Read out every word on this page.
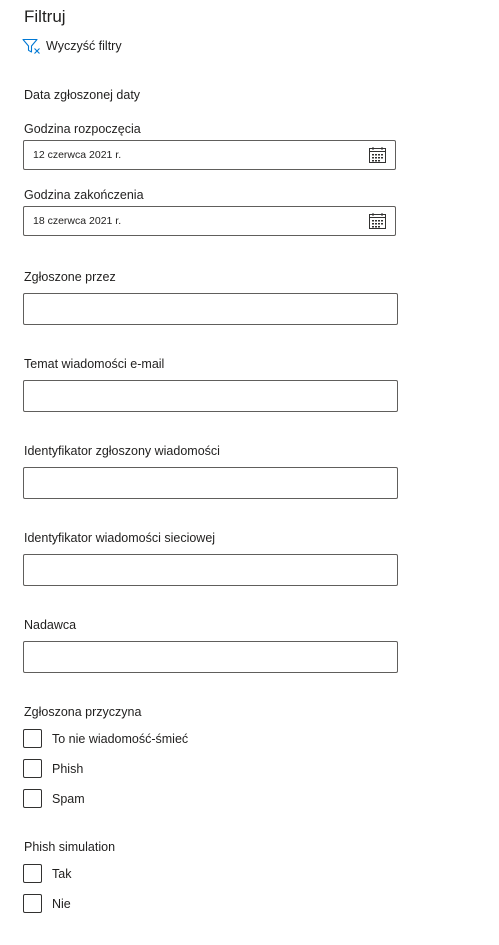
Filtruj
Wyczyść filtry
Data zgłoszonej daty
Godzina rozpoczęcia
12 czerwca 2021 r.
Godzina zakończenia
18 czerwca 2021 r.
Zgłoszone przez
Temat wiadomości e-mail
Identyfikator zgłoszony wiadomości
Identyfikator wiadomości sieciowej
Nadawca
Zgłoszona przyczyna
To nie wiadomość-śmieć
Phish
Spam
Phish simulation
Tak
Nie
